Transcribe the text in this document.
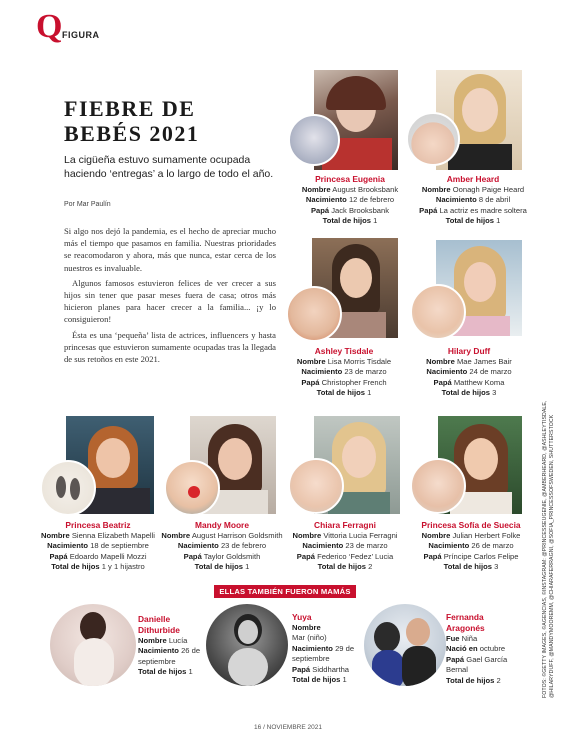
Q FIGURA
FIEBRE DE BEBÉS 2021
La cigüeña estuvo sumamente ocupada haciendo ‘entregas’ a lo largo de todo el año.
Por Mar Paulín

Si algo nos dejó la pandemia, es el hecho de apreciar mucho más el tiempo que pasamos en familia. Nuestras prioridades se reacomodaron y ahora, más que nunca, estar cerca de los nuestros es invaluable.

Algunos famosos estuvieron felices de ver crecer a sus hijos sin tener que pasar meses fuera de casa; otros más hicieron planes para hacer crecer a la familia... ¡y lo consiguieron!

Ésta es una ‘pequeña’ lista de actrices, influencers y hasta princesas que estuvieron sumamente ocupadas tras la llegada de sus retoños en este 2021.

Princesa Eugenia
Nombre August Brooksbank
Nacimiento 12 de febrero
Papá Jack Brooksbank
Total de hijos 1
Amber Heard
Nombre Oonagh Paige Heard
Nacimiento 8 de abril
Papá La actriz es madre soltera
Total de hijos 1
Ashley Tisdale
Nombre Lisa Morris Tisdale
Nacimiento 23 de marzo
Papá Christopher French
Total de hijos 1
Hilary Duff
Nombre Mae James Bair
Nacimiento 24 de marzo
Papá Matthew Koma
Total de hijos 3
Princesa Beatriz
Nombre Sienna Elizabeth Mapelli
Nacimiento 18 de septiembre
Papá Edoardo Mapelli Mozzi
Total de hijos 1 y 1 hijastro
Mandy Moore
Nombre August Harrison Goldsmith
Nacimiento 23 de febrero
Papá Taylor Goldsmith
Total de hijos 1
Chiara Ferragni
Nombre Vittoria Lucia Ferragni
Nacimiento 23 de marzo
Papá Federico ‘Fedez’ Lucia
Total de hijos 2
Princesa Sofía de Suecia
Nombre Julian Herbert Folke
Nacimiento 26 de marzo
Papá Príncipe Carlos Felipe
Total de hijos 3
ELLAS TAMBIÉN FUERON MAMÁS
Danielle Dithurbide
Nombre Lucía
Nacimiento 26 de septiembre
Total de hijos 1
Yuya
Nombre
Mar (niño)
Nacimiento 29 de septiembre
Papá Siddhartha
Total de hijos 1
Fernanda Aragonés
Fue Niña
Nació en octubre
Papá Gael García Bernal
Total de hijos 2	FOTOS: ©GETTY IMAGES, ©AGENCIAS, ©INSTAGRAM: @PRINCESSEUGENIE, @AMBERHEARD, @ASHLEYTISDALE, @HILARYDUFF, @MANDYMOOREMM, @CHIARAFERRAGNI, @SOFIA_PRINCESSOFSWEDEN, SHUTTERSTOCK
16 / NOVIEMBRE 2021
